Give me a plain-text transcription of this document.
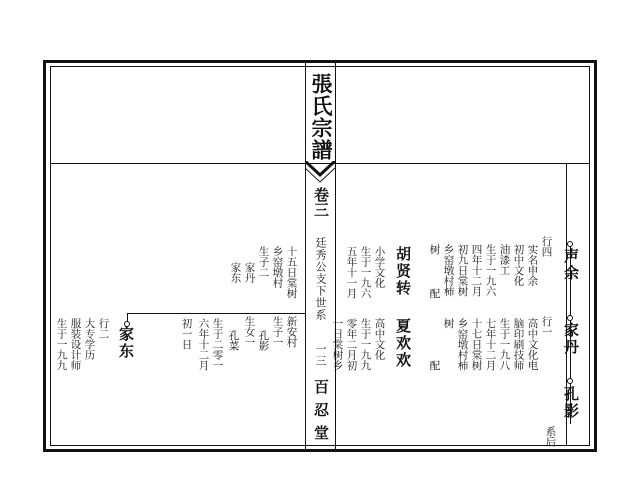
張氏宗譜
卷三
廷秀公支下世系
一三
百忍堂
声余
家丹
孔影
系后
行四
实名申余
初中文化
油漆工
生于一九六
四年十二月
初九日棠树
乡窑墩村柿
树
配
胡贤转
小学文化
生于一九六
五年十一月
行一
高中文化电
脑印刷技师
生于一九八
七年十二月
十七日棠树
乡窑墩村柿
树
配
夏欢欢
高中文化
生于一九九
零年二月初
一日棠树乡
新安村
十五日棠树
乡窑墩村
生子二
家丹
家东
生子一
孔影
生女一
孔菜
生于二零一
六年十二月
初一日
家东
行二
大专学历
服装设计师
生于一九九
